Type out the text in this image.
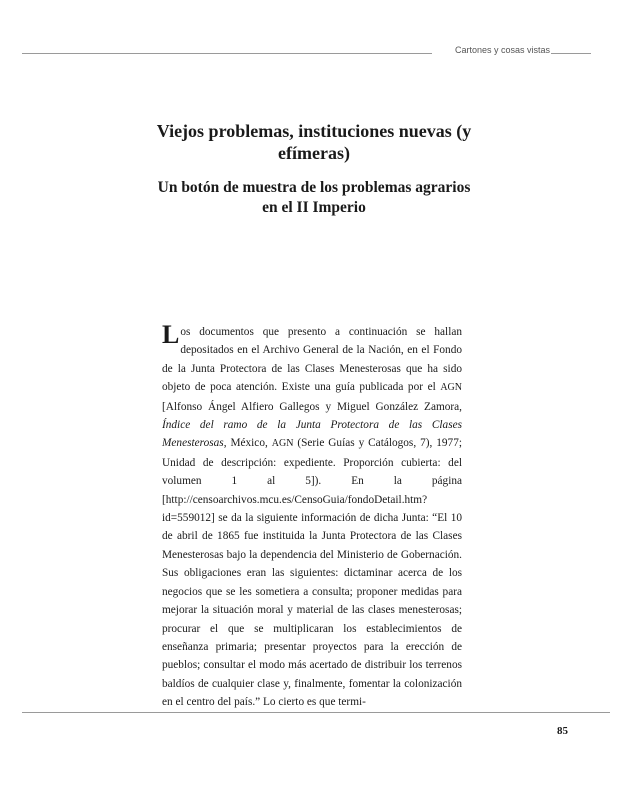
Cartones y cosas vistas
Viejos problemas, instituciones nuevas (y efímeras)
Un botón de muestra de los problemas agrarios en el II Imperio

Los documentos que presento a continuación se hallan depositados en el Archivo General de la Nación, en el Fondo de la Junta Protectora de las Clases Menesterosas que ha sido objeto de poca atención. Existe una guía publicada por el AGN [Alfonso Ángel Alfiero Gallegos y Miguel González Zamora, Índice del ramo de la Junta Protectora de las Clases Menesterosas, México, AGN (Serie Guías y Catálogos, 7), 1977; Unidad de descripción: expediente. Proporción cubierta: del volumen 1 al 5]). En la página [http://censoarchivos.mcu.es/CensoGuia/fondoDetail.htm?id=559012] se da la siguiente información de dicha Junta: “El 10 de abril de 1865 fue instituida la Junta Protectora de las Clases Menesterosas bajo la dependencia del Ministerio de Gobernación. Sus obligaciones eran las siguientes: dictaminar acerca de los negocios que se les sometiera a consulta; proponer medidas para mejorar la situación moral y material de las clases menesterosas; procurar el que se multiplicaran los establecimientos de enseñanza primaria; presentar proyectos para la erección de pueblos; consultar el modo más acertado de distribuir los terrenos baldíos de cualquier clase y, finalmente, fomentar la colonización en el centro del país.” Lo cierto es que termi-

85
